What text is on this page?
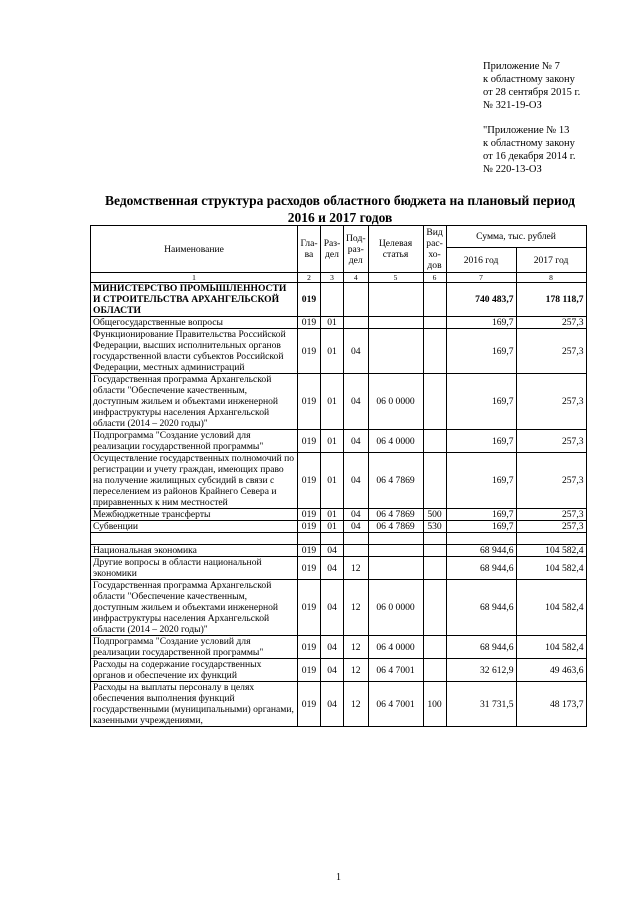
Приложение № 7
к областному закону
от 28 сентября 2015 г.
№ 321-19-ОЗ
"Приложение № 13
к областному закону
от 16 декабря 2014 г.
№ 220-13-ОЗ
Ведомственная структура расходов областного бюджета на плановый период
2016 и 2017 годов
Наименование	Гла-ва	Раз-дел	Под-раз-дел	Целевая статья	Вид рас-хо-дов	Сумма, тыс. рублей	
						2016 год	2017 год
1	2	3	4	5	6	7	8
МИНИСТЕРСТВО ПРОМЫШЛЕННОСТИ И СТРОИТЕЛЬСТВА АРХАНГЕЛЬСКОЙ ОБЛАСТИ	019					740 483,7	178 118,7
Общегосударственные вопросы	019	01				169,7	257,3
Функционирование Правительства Российской Федерации, высших исполнительных органов государственной власти субъектов Российской Федерации, местных администраций	019	01	04			169,7	257,3
Государственная программа Архангельской области "Обеспечение качественным, доступным жильем и объектами инженерной инфраструктуры населения Архангельской области (2014 – 2020 годы)"	019	01	04	06 0 0000		169,7	257,3
Подпрограмма "Создание условий для реализации государственной программы"	019	01	04	06 4 0000		169,7	257,3
Осуществление государственных полномочий по регистрации и учету граждан, имеющих право на получение жилищных субсидий в связи с переселением из районов Крайнего Севера и приравненных к ним местностей	019	01	04	06 4 7869		169,7	257,3
Межбюджетные трансферты	019	01	04	06 4 7869	500	169,7	257,3
Субвенции	019	01	04	06 4 7869	530	169,7	257,3

Национальная экономика	019	04				68 944,6	104 582,4
Другие вопросы в области национальной экономики	019	04	12			68 944,6	104 582,4
Государственная программа Архангельской области "Обеспечение качественным, доступным жильем и объектами инженерной инфраструктуры населения Архангельской области (2014 – 2020 годы)"	019	04	12	06 0 0000		68 944,6	104 582,4
Подпрограмма "Создание условий для реализации государственной программы"	019	04	12	06 4 0000		68 944,6	104 582,4
Расходы на содержание государственных органов и обеспечение их функций	019	04	12	06 4 7001		32 612,9	49 463,6
Расходы на выплаты персоналу в целях обеспечения выполнения функций государственными (муниципальными) органами, казенными учреждениями,	019	04	12	06 4 7001	100	31 731,5	48 173,7
1
